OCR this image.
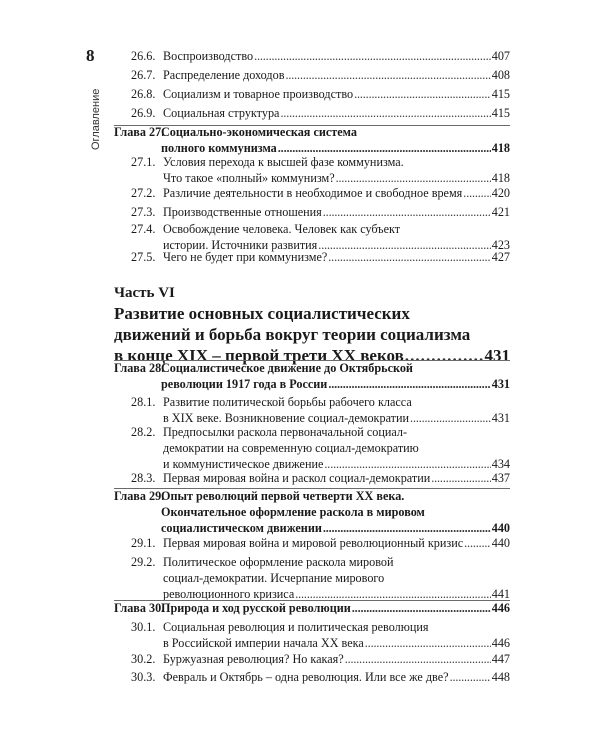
8
Оглавление
26.6. Воспроизводство . . .	407
26.7. Распределение доходов . . .	408
26.8. Социализм и товарное производство . . .	415
26.9. Социальная структура . . .	415
Глава 27.
Социально-экономическая система
полного коммунизма . . .	418
27.1. Условия перехода к высшей фазе коммунизма.
Что такое «полный» коммунизм? . . .	418
27.2. Различие деятельности в необходимое и свободное время . . . 420
27.3. Производственные отношения . . .	421
27.4. Освобождение человека. Человек как субъект
истории. Источники развития . . .	423
27.5. Чего не будет при коммунизме? . . .	427
Часть VI
Развитие основных социалистических
движений и борьба вокруг теории социализма
в конце XIX – первой трети XX веков . . .	431
Глава 28.
Социалистическое движение до Октябрьской
революции 1917 года в России . . .	431
28.1. Развитие политической борьбы рабочего класса
в XIX веке. Возникновение социал-демократии . . .	431
28.2. Предпосылки раскола первоначальной социал-
демократии на современную социал-демократию
и коммунистическое движение . . .	434
28.3. Первая мировая война и раскол социал-демократии . . .	437
Глава 29.
Опыт революций первой четверти XX века.
Окончательное оформление раскола в мировом
социалистическом движении . . .	440
29.1. Первая мировая война и мировой революционный кризис . . . 440
29.2. Политическое оформление раскола мировой
социал-демократии. Исчерпание мирового
революционного кризиса . . .	441
Глава 30.
Природа и ход русской революции . . .	446
30.1. Социальная революция и политическая революция
в Российской империи начала XX века . . .	446
30.2. Буржуазная революция? Но какая? . . .	447
30.3. Февраль и Октябрь – одна революция. Или все же две? . . .	448
